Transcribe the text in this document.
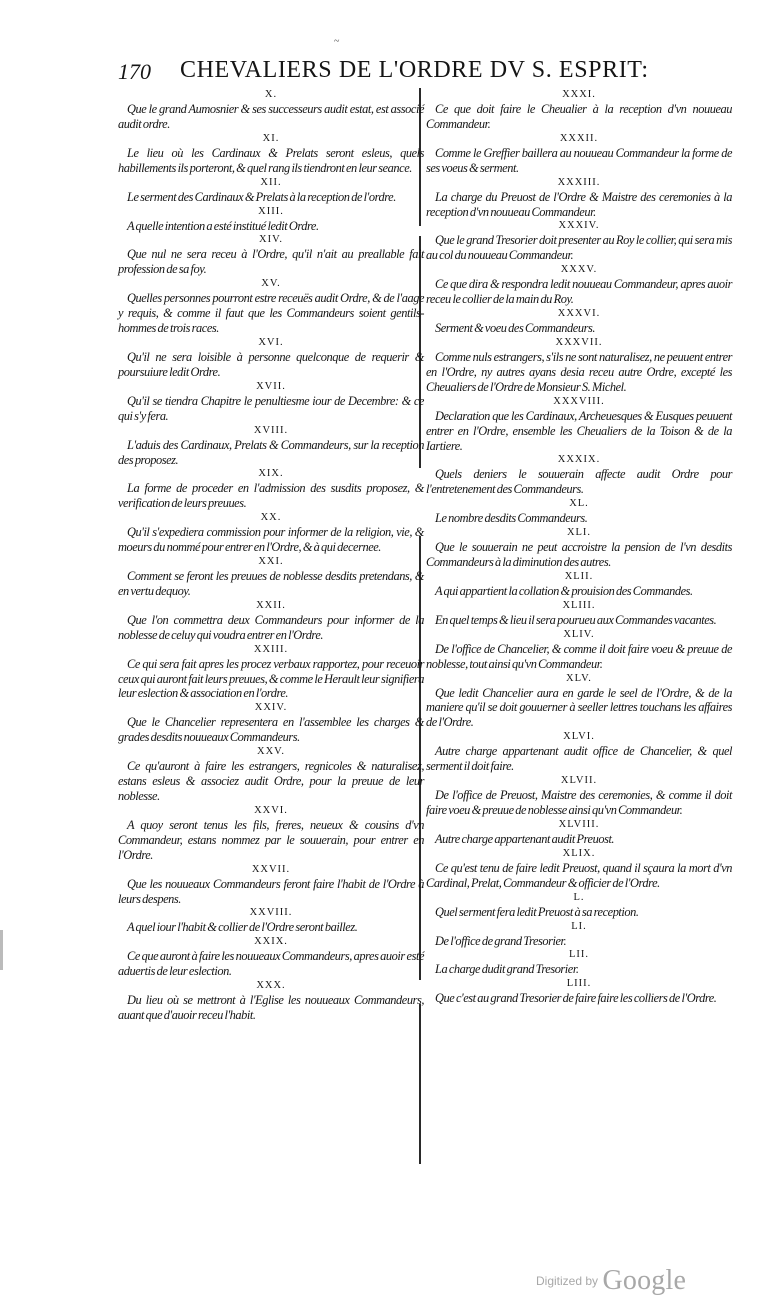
~
170 CHEVALIERS DE L'ORDRE DV S. ESPRIT:
X.
Que le grand Aumosnier & ses successeurs audit estat, est associé audit ordre.
XI.
Le lieu où les Cardinaux & Prelats seront esleus, quels habillements ils porteront, & quel rang ils tiendront en leur seance.
XII.
Le serment des Cardinaux & Prelats à la reception de l'ordre.
XIII.
A quelle intention a esté institué ledit Ordre.
XIV.
Que nul ne sera receu à l'Ordre, qu'il n'ait au preallable fait profession de sa foy.
XV.
Quelles personnes pourront estre receuës audit Ordre, & de l'aage y requis, & comme il faut que les Commandeurs soient gentils-hommes de trois races.
XVI.
Qu'il ne sera loisible à personne quelconque de requerir & poursuiure ledit Ordre.
XVII.
Qu'il se tiendra Chapitre le penultiesme iour de Decembre: & ce qui s'y fera.
XVIII.
L'aduis des Cardinaux, Prelats & Commandeurs, sur la reception des proposez.
XIX.
La forme de proceder en l'admission des susdits proposez, & verification de leurs preuues.
XX.
Qu'il s'expediera commission pour informer de la religion, vie, & moeurs du nommé pour entrer en l'Ordre, & à qui decernee.
XXI.
Comment se feront les preuues de noblesse desdits pretendans, & en vertu dequoy.
XXII.
Que l'on commettra deux Commandeurs pour informer de la noblesse de celuy qui voudra entrer en l'Ordre.
XXIII.
Ce qui sera fait apres les procez verbaux rapportez, pour receuoir ceux qui auront fait leurs preuues, & comme le Herault leur signifiera leur eslection & association en l'ordre.
XXIV.
Que le Chancelier representera en l'assemblee les charges & grades desdits nouueaux Commandeurs.
XXV.
Ce qu'auront à faire les estrangers, regnicoles & naturalisez, estans esleus & associez audit Ordre, pour la preuue de leur noblesse.
XXVI.
A quoy seront tenus les fils, freres, neueux & cousins d'vn Commandeur, estans nommez par le souuerain, pour entrer en l'Ordre.
XXVII.
Que les nouueaux Commandeurs feront faire l'habit de l'Ordre à leurs despens.
XXVIII.
A quel iour l'habit & collier de l'Ordre seront baillez.
XXIX.
Ce que auront à faire les nouueaux Commandeurs, apres auoir esté aduertis de leur eslection.
XXX.
Du lieu où se mettront à l'Eglise les nouueaux Commandeurs, auant que d'auoir receu l'habit.
XXXI.
Ce que doit faire le Cheualier à la reception d'vn nouueau Commandeur.
XXXII.
Comme le Greffier baillera au nouueau Commandeur la forme de ses voeus & serment.
XXXIII.
La charge du Preuost de l'Ordre & Maistre des ceremonies à la reception d'vn nouueau Commandeur.
XXXIV.
Que le grand Tresorier doit presenter au Roy le collier, qui sera mis au col du nouueau Commandeur.
XXXV.
Ce que dira & respondra ledit nouueau Commandeur, apres auoir receu le collier de la main du Roy.
XXXVI.
Serment & voeu des Commandeurs.
XXXVII.
Comme nuls estrangers, s'ils ne sont naturalisez, ne peuuent entrer en l'Ordre, ny autres ayans desia receu autre Ordre, excepté les Cheualiers de l'Ordre de Monsieur S. Michel.
XXXVIII.
Declaration que les Cardinaux, Archeuesques & Eusques peuuent entrer en l'Ordre, ensemble les Cheualiers de la Toison & de la Iartiere.
XXXIX.
Quels deniers le souuerain affecte audit Ordre pour l'entretenement des Commandeurs.
XL.
Le nombre desdits Commandeurs.
XLI.
Que le souuerain ne peut accroistre la pension de l'vn desdits Commandeurs à la diminution des autres.
XLII.
A qui appartient la collation & prouision des Commandes.
XLIII.
En quel temps & lieu il sera pourueu aux Commandes vacantes.
XLIV.
De l'office de Chancelier, & comme il doit faire voeu & preuue de noblesse, tout ainsi qu'vn Commandeur.
XLV.
Que ledit Chancelier aura en garde le seel de l'Ordre, & de la maniere qu'il se doit gouuerner à seeller lettres touchans les affaires de l'Ordre.
XLVI.
Autre charge appartenant audit office de Chancelier, & quel serment il doit faire.
XLVII.
De l'office de Preuost, Maistre des ceremonies, & comme il doit faire voeu & preuue de noblesse ainsi qu'vn Commandeur.
XLVIII.
Autre charge appartenant audit Preuost.
XLIX.
Ce qu'est tenu de faire ledit Preuost, quand il sçaura la mort d'vn Cardinal, Prelat, Commandeur & officier de l'Ordre.
L.
Quel serment fera ledit Preuost à sa reception.
LI.
De l'office de grand Tresorier.
LII.
La charge dudit grand Tresorier.
LIII.
Que c'est au grand Tresorier de faire faire les colliers de l'Ordre.
$^{Digitized by}$ Google
